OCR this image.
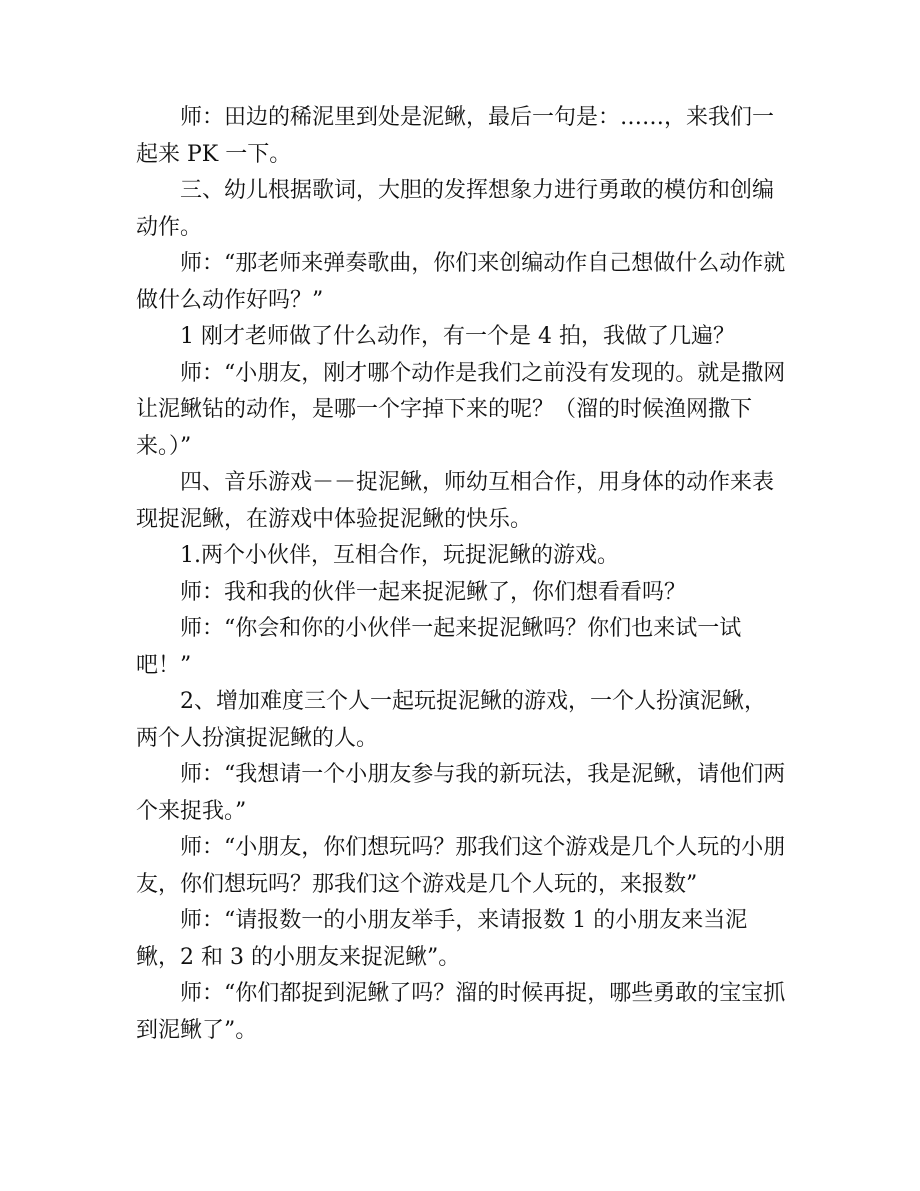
师：田边的稀泥里到处是泥鳅，最后一句是：……，来我们一起来 PK 一下。

三、幼儿根据歌词，大胆的发挥想象力进行勇敢的模仿和创编动作。

师：“那老师来弹奏歌曲，你们来创编动作自己想做什么动作就做什么动作好吗？”

1 刚才老师做了什么动作，有一个是 4 拍，我做了几遍？

师：“小朋友，刚才哪个动作是我们之前没有发现的。就是撒网让泥鳅钻的动作，是哪一个字掉下来的呢？（溜的时候渔网撒下来。）”

四、音乐游戏－－捉泥鳅，师幼互相合作，用身体的动作来表现捉泥鳅，在游戏中体验捉泥鳅的快乐。

1.两个小伙伴，互相合作，玩捉泥鳅的游戏。

师：我和我的伙伴一起来捉泥鳅了，你们想看看吗？

师：“你会和你的小伙伴一起来捉泥鳅吗？你们也来试一试吧！”

2、增加难度三个人一起玩捉泥鳅的游戏，一个人扮演泥鳅，两个人扮演捉泥鳅的人。

师：“我想请一个小朋友参与我的新玩法，我是泥鳅，请他们两个来捉我。”

师：“小朋友，你们想玩吗？那我们这个游戏是几个人玩的小朋友，你们想玩吗？那我们这个游戏是几个人玩的，来报数”

师：“请报数一的小朋友举手，来请报数 1 的小朋友来当泥鳅，2 和 3 的小朋友来捉泥鳅”。

师：“你们都捉到泥鳅了吗？溜的时候再捉，哪些勇敢的宝宝抓到泥鳅了”。
